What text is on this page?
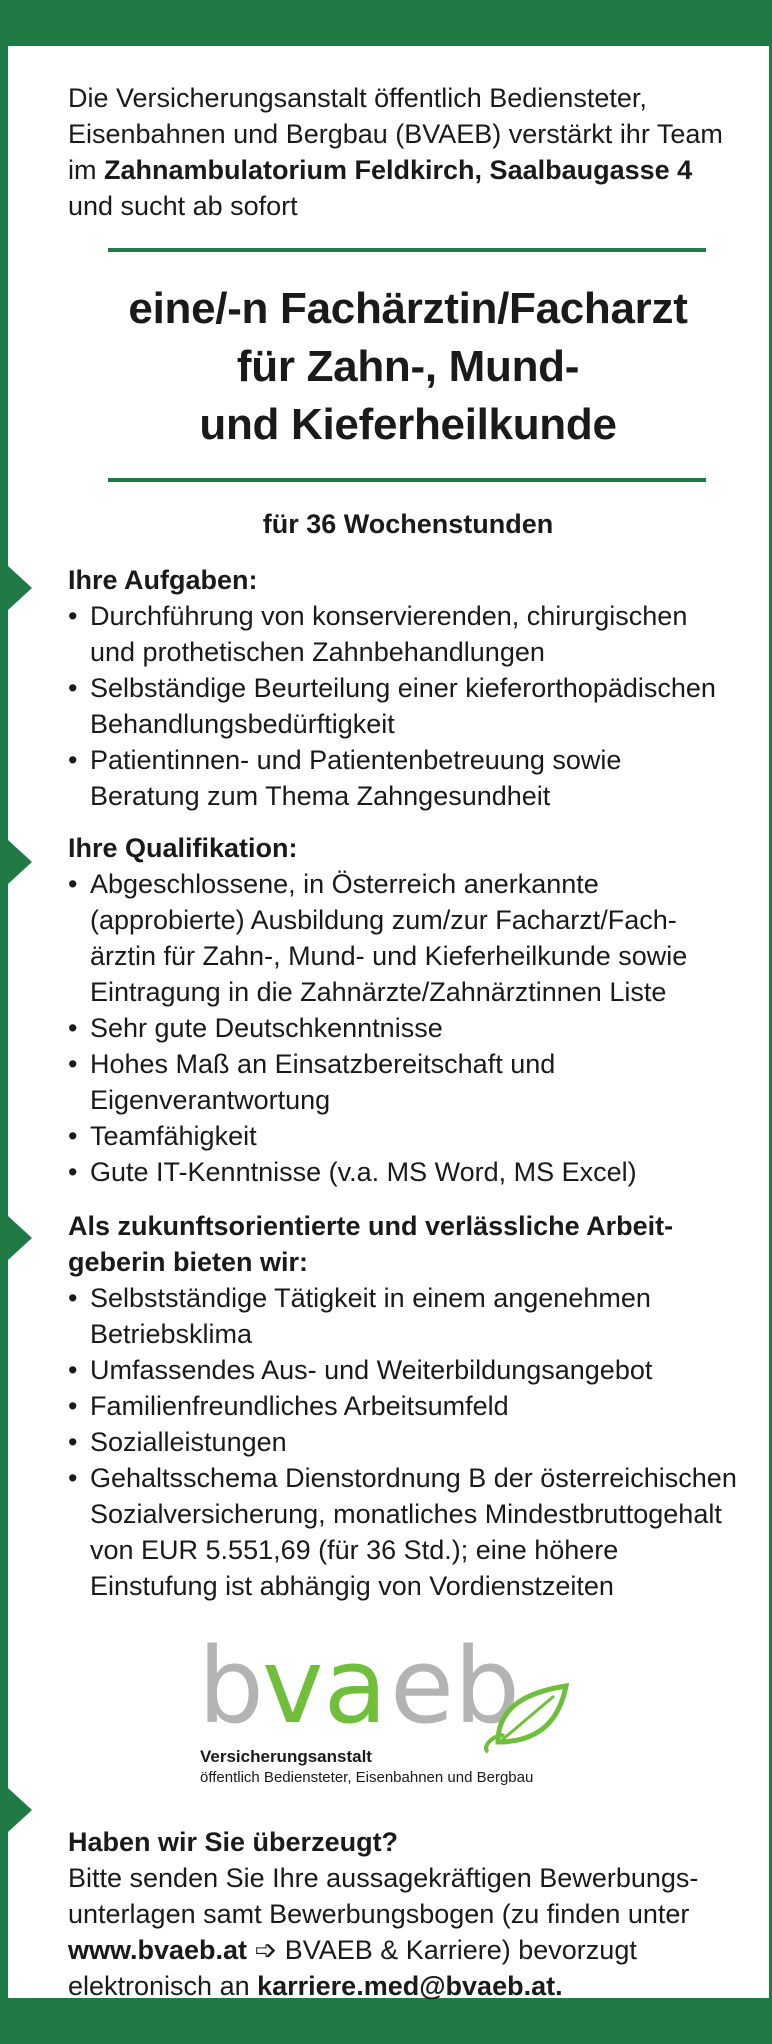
Die Versicherungsanstalt öffentlich Bediensteter,

Eisenbahnen und Bergbau (BVAEB) verstärkt ihr Team

im Zahnambulatorium Feldkirch, Saalbaugasse 4

und sucht ab sofort

eine/-n Fachärztin/Facharzt
für Zahn-, Mund-
und Kieferheilkunde
für 36 Wochenstunden
Ihre Aufgaben:
• Durchführung von konservierenden, chirurgischen
und prothetischen Zahnbehandlungen
• Selbständige Beurteilung einer kieferorthopädischen
Behandlungsbedürftigkeit
• Patientinnen- und Patientenbetreuung sowie
Beratung zum Thema Zahngesundheit
Ihre Qualifikation:
• Abgeschlossene, in Österreich anerkannte
(approbierte) Ausbildung zum/zur Facharzt/Fach-
ärztin für Zahn-, Mund- und Kieferheilkunde sowie
Eintragung in die Zahnärzte/Zahnärztinnen Liste
• Sehr gute Deutschkenntnisse
• Hohes Maß an Einsatzbereitschaft und
Eigenverantwortung
• Teamfähigkeit
• Gute IT-Kenntnisse (v.a. MS Word, MS Excel)
Als zukunftsorientierte und verlässliche Arbeit-
geberin bieten wir:
• Selbstständige Tätigkeit in einem angenehmen
Betriebsklima
• Umfassendes Aus- und Weiterbildungsangebot
• Familienfreundliches Arbeitsumfeld
• Sozialleistungen
• Gehaltsschema Dienstordnung B der österreichischen
Sozialversicherung, monatliches Mindestbruttogehalt
von EUR 5.551,69 (für 36 Std.); eine höhere
Einstufung ist abhängig von Vordienstzeiten
b
va eb
Versicherungsanstalt
öffentlich Bediensteter, Eisenbahnen und Bergbau
Haben wir Sie überzeugt?

Bitte senden Sie Ihre aussagekräftigen Bewerbungs-

unterlagen samt Bewerbungsbogen (zu finden unter

www.bvaeb.at ➩ BVAEB & Karriere) bevorzugt

elektronisch an karriere.med@bvaeb.at.
